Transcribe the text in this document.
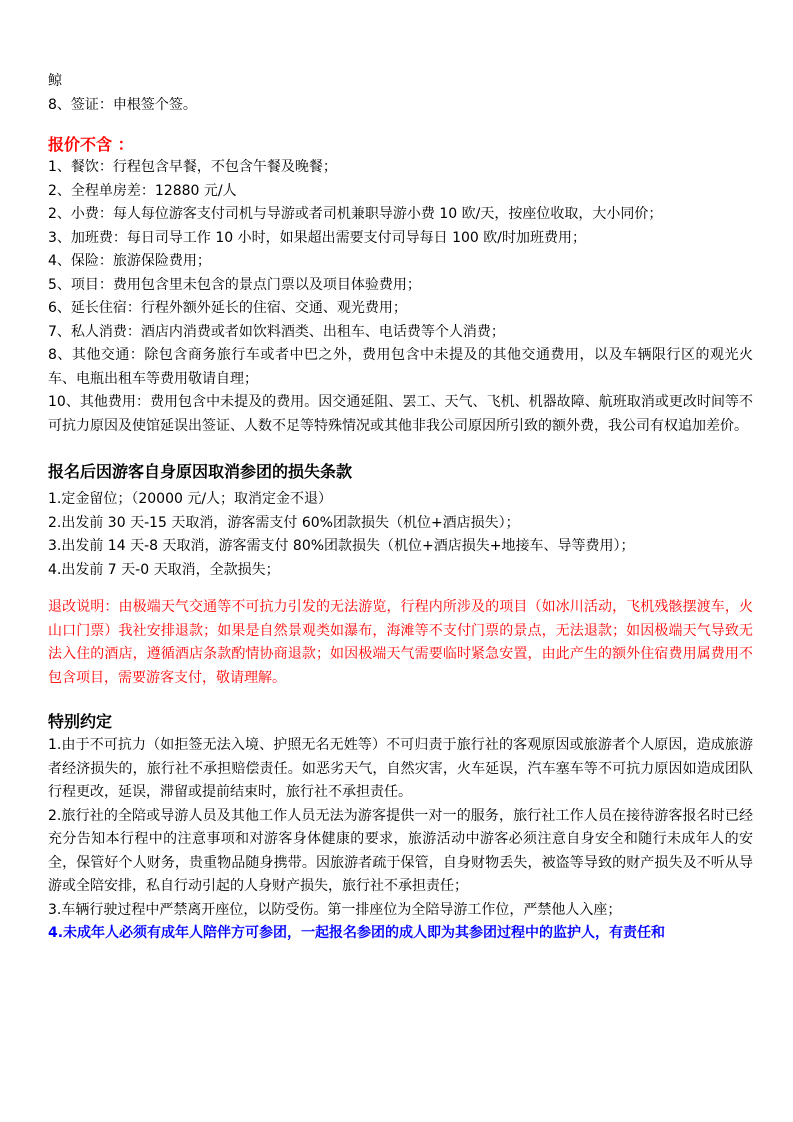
鲸
8、签证：申根签个签。
报价不含 ：
1、餐饮：行程包含早餐，不包含午餐及晚餐；
2、全程单房差：12880 元/人
2、小费：每人每位游客支付司机与导游或者司机兼职导游小费 10 欧/天，按座位收取，大小同价；
3、加班费：每日司导工作 10 小时，如果超出需要支付司导每日 100 欧/时加班费用；
4、保险：旅游保险费用；
5、项目：费用包含里未包含的景点门票以及项目体验费用；
6、延长住宿：行程外额外延长的住宿、交通、观光费用；
7、私人消费：酒店内消费或者如饮料酒类、出租车、电话费等个人消费；
8、其他交通：除包含商务旅行车或者中巴之外，费用包含中未提及的其他交通费用，以及车辆限行区的观光火车、电瓶出租车等费用敬请自理；
10、其他费用：费用包含中未提及的费用。因交通延阻、罢工、天气、飞机、机器故障、航班取消或更改时间等不可抗力原因及使馆延误出签证、人数不足等特殊情况或其他非我公司原因所引致的额外费，我公司有权追加差价。
报名后因游客自身原因取消参团的损失条款
1.定金留位；（20000 元/人；取消定金不退）
2.出发前 30 天-15 天取消，游客需支付 60%团款损失（机位+酒店损失）；
3.出发前 14 天-8 天取消，游客需支付 80%团款损失（机位+酒店损失+地接车、导等费用）；
4.出发前 7 天-0 天取消，全款损失；
退改说明：由极端天气交通等不可抗力引发的无法游览，行程内所涉及的项目（如冰川活动，飞机残骸摆渡车，火山口门票）我社安排退款；如果是自然景观类如瀑布，海滩等不支付门票的景点，无法退款；如因极端天气导致无法入住的酒店，遵循酒店条款酌情协商退款；如因极端天气需要临时紧急安置，由此产生的额外住宿费用属费用不包含项目，需要游客支付，敬请理解。
特别约定
1.由于不可抗力（如拒签无法入境、护照无名无姓等）不可归责于旅行社的客观原因或旅游者个人原因，造成旅游者经济损失的，旅行社不承担赔偿责任。如恶劣天气，自然灾害，火车延误，汽车塞车等不可抗力原因如造成团队行程更改，延误，滞留或提前结束时，旅行社不承担责任。
2.旅行社的全陪或导游人员及其他工作人员无法为游客提供一对一的服务，旅行社工作人员在接待游客报名时已经充分告知本行程中的注意事项和对游客身体健康的要求，旅游活动中游客必须注意自身安全和随行未成年人的安全，保管好个人财务，贵重物品随身携带。因旅游者疏于保管，自身财物丢失，被盗等导致的财产损失及不听从导游或全陪安排，私自行动引起的人身财产损失，旅行社不承担责任；
3.车辆行驶过程中严禁离开座位，以防受伤。第一排座位为全陪导游工作位，严禁他人入座；
4.未成年人必须有成年人陪伴方可参团，一起报名参团的成人即为其参团过程中的监护人，有责任和
